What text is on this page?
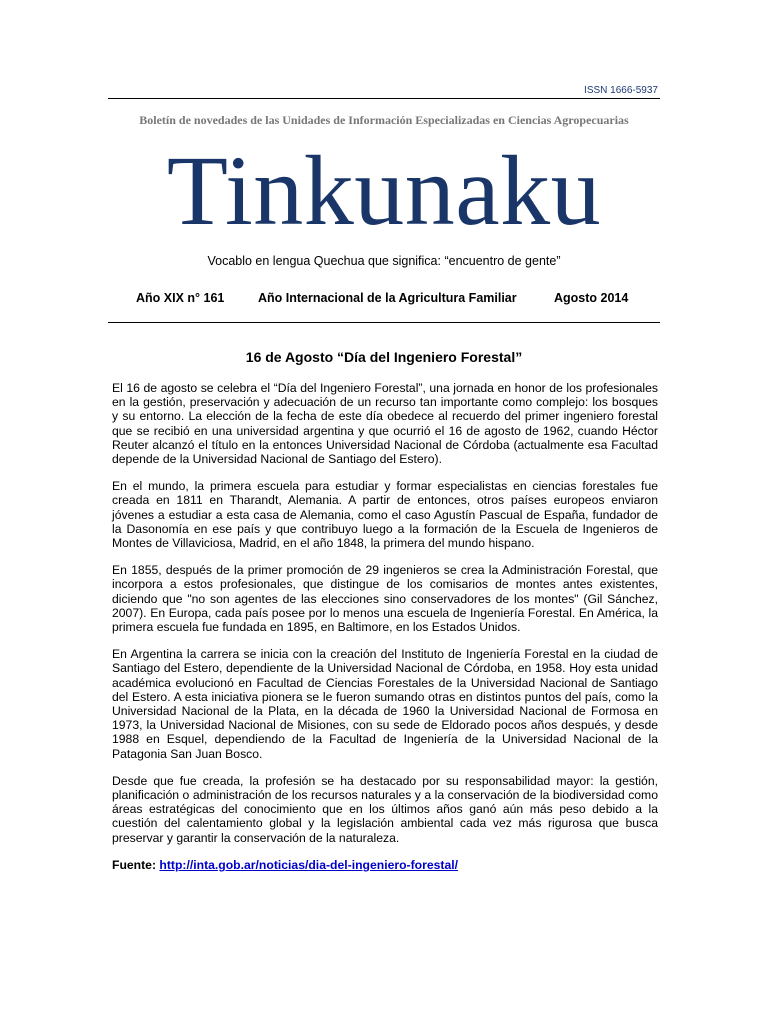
ISSN 1666-5937
Boletín de novedades de las Unidades de Información Especializadas en Ciencias Agropecuarias
Tinkunaku
Vocablo en lengua Quechua que significa: “encuentro de gente”
Año XIX n° 161	Año Internacional de la Agricultura Familiar	Agosto 2014
16 de Agosto “Día del Ingeniero Forestal”

El 16 de agosto se celebra el “Día del Ingeniero Forestal”, una jornada en honor de los profesionales en la gestión, preservación y adecuación de un recurso tan importante como complejo: los bosques y su entorno. La elección de la fecha de este día obedece al recuerdo del primer ingeniero forestal que se recibió en una universidad argentina y que ocurrió el 16 de agosto de 1962, cuando Héctor Reuter alcanzó el título en la entonces Universidad Nacional de Córdoba (actualmente esa Facultad depende de la Universidad Nacional de Santiago del Estero).

En el mundo, la primera escuela para estudiar y formar especialistas en ciencias forestales fue creada en 1811 en Tharandt, Alemania. A partir de entonces, otros países europeos enviaron jóvenes a estudiar a esta casa de Alemania, como el caso Agustín Pascual de España, fundador de la Dasonomía en ese país y que contribuyo luego a la formación de la Escuela de Ingenieros de Montes de Villaviciosa, Madrid, en el año 1848, la primera del mundo hispano.

En 1855, después de la primer promoción de 29 ingenieros se crea la Administración Forestal, que incorpora a estos profesionales, que distingue de los comisarios de montes antes existentes, diciendo que "no son agentes de las elecciones sino conservadores de los montes" (Gil Sánchez, 2007). En Europa, cada país posee por lo menos una escuela de Ingeniería Forestal. En América, la primera escuela fue fundada en 1895, en Baltimore, en los Estados Unidos.

En Argentina la carrera se inicia con la creación del Instituto de Ingeniería Forestal en la ciudad de Santiago del Estero, dependiente de la Universidad Nacional de Córdoba, en 1958. Hoy esta unidad académica evolucionó en Facultad de Ciencias Forestales de la Universidad Nacional de Santiago del Estero. A esta iniciativa pionera se le fueron sumando otras en distintos puntos del país, como la Universidad Nacional de la Plata, en la década de 1960 la Universidad Nacional de Formosa en 1973, la Universidad Nacional de Misiones, con su sede de Eldorado pocos años después, y desde 1988 en Esquel, dependiendo de la Facultad de Ingeniería de la Universidad Nacional de la Patagonia San Juan Bosco.

Desde que fue creada, la profesión se ha destacado por su responsabilidad mayor: la gestión, planificación o administración de los recursos naturales y a la conservación de la biodiversidad como áreas estratégicas del conocimiento que en los últimos años ganó aún más peso debido a la cuestión del calentamiento global y la legislación ambiental cada vez más rigurosa que busca preservar y garantir la conservación de la naturaleza.

Fuente: http://inta.gob.ar/noticias/dia-del-ingeniero-forestal/
